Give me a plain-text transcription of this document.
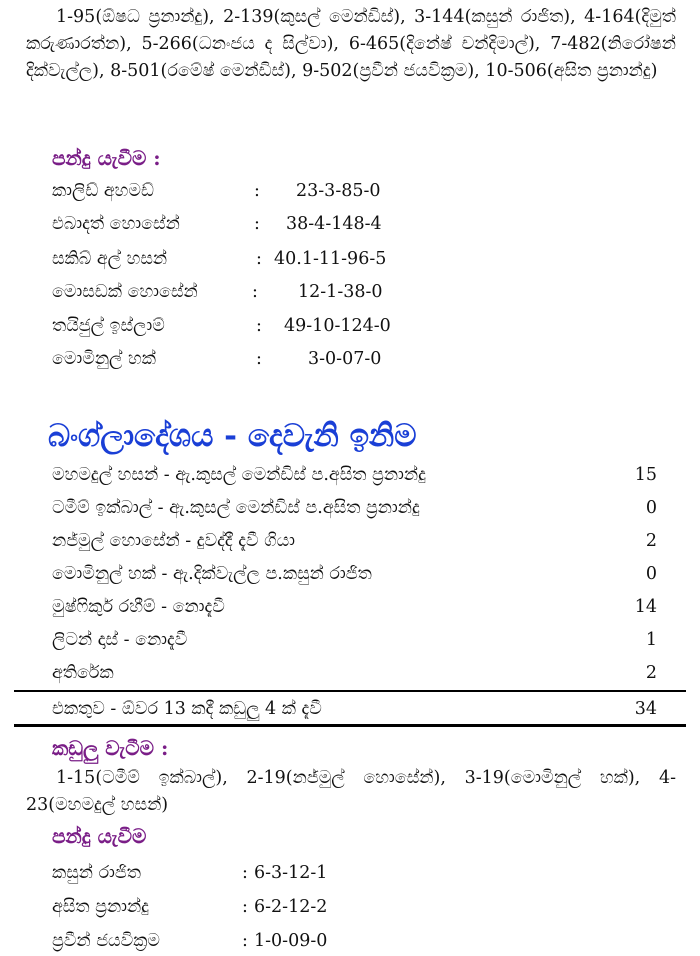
1-95(ඕෂධ ප්‍රනාන්දු), 2-139(කුසල් මෙන්ඩිස්), 3-144(කසුන් රාජිත), 4-164(දිමුත් කරුණාරත්න), 5-266(ධනංජය ද සිල්වා), 6-465(දිනේෂ් චන්දිමාල්), 7-482(නිරෝෂන් දික්වැල්ල), 8-501(රමේෂ් මෙන්ඩිස්), 9-502(ප්‍රවීන් ජයවික්‍රම), 10-506(අසිත ප්‍රනාන්දු)

පන්දු යැවීම :
කාලිඩ් අහමඩ්	: 23-3-85-0
එබාදත් හොසේන්	: 38-4-148-4
සකිබ් අල් හසන්	: 40.1-11-96-5
මොසඩක් හොසේන්	: 12-1-38-0
තයිජුල් ඉස්ලාම්	: 49-10-124-0
මොමිනුල් හක්	:	3-0-07-0
බංග්ලාදේශය - දෙවැනි ඉනිම
මහමදුල් හසන් - ඇ.කුසල් මෙන්ඩිස් ප.අසිත ප්‍රනාන්දු	15
ටමීම් ඉක්බාල් - ඇ.කුසල් මෙන්ඩිස් ප.අසිත ප්‍රනාන්දු	0
නජ්මුල් හොසේන් - දුවද්දී දැවී ගියා	2
මොමිනුල් හක් - ඇ.දික්වැල්ල ප.කසුන් රාජිත	0
මුෂ්ෆිකුර් රහීම් - නොදැවී	14
ලිටන් දාස් - නොදැවී	1
අතිරේක	2
එකතුව - ඕවර 13 කදී කඩුලු 4 ක් දැවී	34
කඩුලු වැටීම :

1-15(ටමීම් ඉක්බාල්), 2-19(නජ්මුල් හොසේන්), 3-19(මොමිනුල් හක්), 4-23(මහමදුල් හසන්)

පන්දු යැවීම
කසුන් රාජිත	: 6-3-12-1
අසිත ප්‍රනාන්දු	: 6-2-12-2
ප්‍රවීන් ජයවික්‍රම	: 1-0-09-0
